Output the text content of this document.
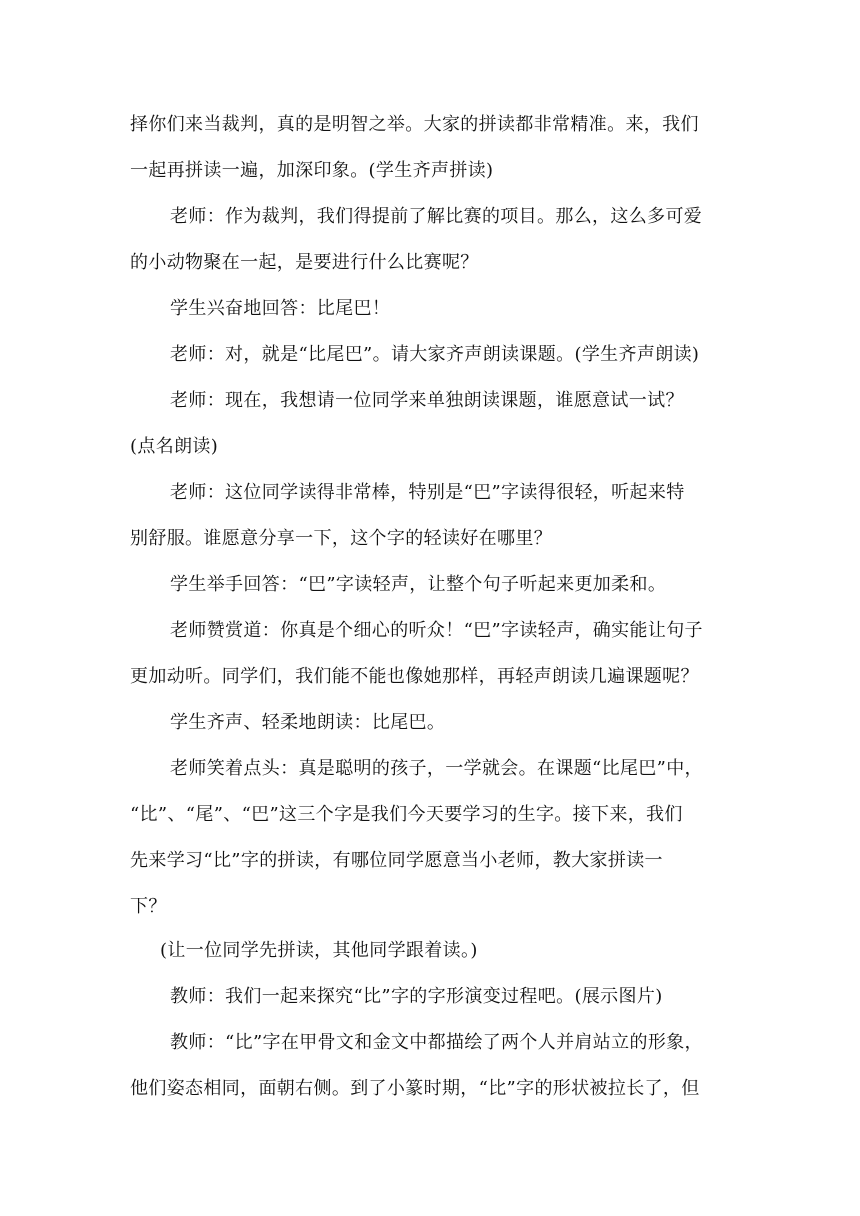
择你们来当裁判，真的是明智之举。大家的拼读都非常精准。来，我们
一起再拼读一遍，加深印象。(学生齐声拼读)
老师：作为裁判，我们得提前了解比赛的项目。那么，这么多可爱
的小动物聚在一起，是要进行什么比赛呢？
学生兴奋地回答：比尾巴！
老师：对，就是“比尾巴”。请大家齐声朗读课题。(学生齐声朗读)
老师：现在，我想请一位同学来单独朗读课题，谁愿意试一试？
(点名朗读)
老师：这位同学读得非常棒，特别是“巴”字读得很轻，听起来特
别舒服。谁愿意分享一下，这个字的轻读好在哪里？
学生举手回答：“巴”字读轻声，让整个句子听起来更加柔和。
老师赞赏道：你真是个细心的听众！“巴”字读轻声，确实能让句子
更加动听。同学们，我们能不能也像她那样，再轻声朗读几遍课题呢？
学生齐声、轻柔地朗读：比尾巴。
老师笑着点头：真是聪明的孩子，一学就会。在课题“比尾巴”中，
“比”、“尾”、“巴”这三个字是我们今天要学习的生字。接下来，我们
先来学习“比”字的拼读，有哪位同学愿意当小老师，教大家拼读一
下？
(让一位同学先拼读，其他同学跟着读。)
教师：我们一起来探究“比”字的字形演变过程吧。(展示图片)
教师：“比”字在甲骨文和金文中都描绘了两个人并肩站立的形象，
他们姿态相同，面朝右侧。到了小篆时期，“比”字的形状被拉长了，但
